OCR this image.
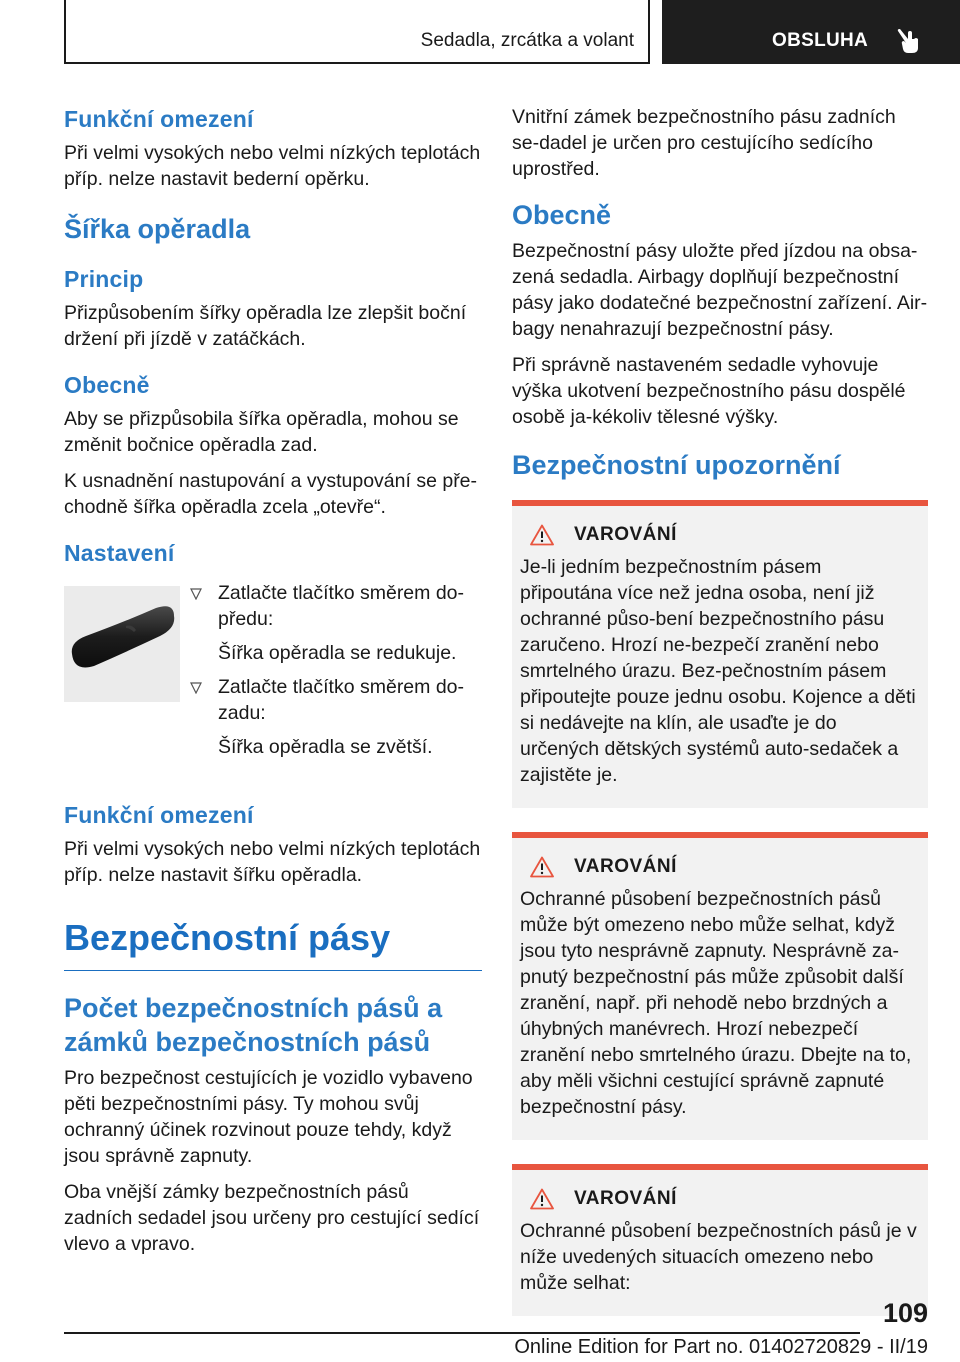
Sedadla, zrcátka a volant	OBSLUHA
Funkční omezení

Při velmi vysokých nebo velmi nízkých teplotách příp. nelze nastavit bederní opěrku.

Šířka opěradla
Princip

Přizpůsobením šířky opěradla lze zlepšit boční držení při jízdě v zatáčkách.

Obecně

Aby se přizpůsobila šířka opěradla, mohou se změnit bočnice opěradla zad.

K usnadnění nastupování a vystupování se pře‐chodně šířka opěradla zcela „otevře“.

Nastavení

Zatlačte tlačítko směrem do‐předu:

Šířka opěradla se redukuje.

Zatlačte tlačítko směrem do‐zadu:

Šířka opěradla se zvětší.

Funkční omezení

Při velmi vysokých nebo velmi nízkých teplotách příp. nelze nastavit šířku opěradla.

Bezpečnostní pásy
Počet bezpečnostních pásů a zámků bezpečnostních pásů

Pro bezpečnost cestujících je vozidlo vybaveno pěti bezpečnostními pásy. Ty mohou svůj ochranný účinek rozvinout pouze tehdy, když jsou správně zapnuty.

Oba vnější zámky bezpečnostních pásů zadních sedadel jsou určeny pro cestující sedící vlevo a vpravo.

Vnitřní zámek bezpečnostního pásu zadních se‐dadel je určen pro cestujícího sedícího uprostřed.

Obecně

Bezpečnostní pásy uložte před jízdou na obsa‐zená sedadla. Airbagy doplňují bezpečnostní pásy jako dodatečné bezpečnostní zařízení. Air‐bagy nenahrazují bezpečnostní pásy.

Při správně nastaveném sedadle vyhovuje výška ukotvení bezpečnostního pásu dospělé osobě ja‐kékoliv tělesné výšky.

Bezpečnostní upozornění
VAROVÁNÍ

Je-li jedním bezpečnostním pásem připoutána více než jedna osoba, není již ochranné půso‐bení bezpečnostního pásu zaručeno. Hrozí ne‐bezpečí zranění nebo smrtelného úrazu. Bez‐pečnostním pásem připoutejte pouze jednu osobu. Kojence a děti si nedávejte na klín, ale usaďte je do určených dětských systémů auto‐sedaček a zajistěte je.

VAROVÁNÍ

Ochranné působení bezpečnostních pásů může být omezeno nebo může selhat, když jsou tyto nesprávně zapnuty. Nesprávně za‐pnutý bezpečnostní pás může způsobit další zranění, např. při nehodě nebo brzdných a úhybných manévrech. Hrozí nebezpečí zranění nebo smrtelného úrazu. Dbejte na to, aby měli všichni cestující správně zapnuté bezpečnostní pásy.

VAROVÁNÍ

Ochranné působení bezpečnostních pásů je v níže uvedených situacích omezeno nebo může selhat:

109
Online Edition for Part no. 01402720829 - II/19
